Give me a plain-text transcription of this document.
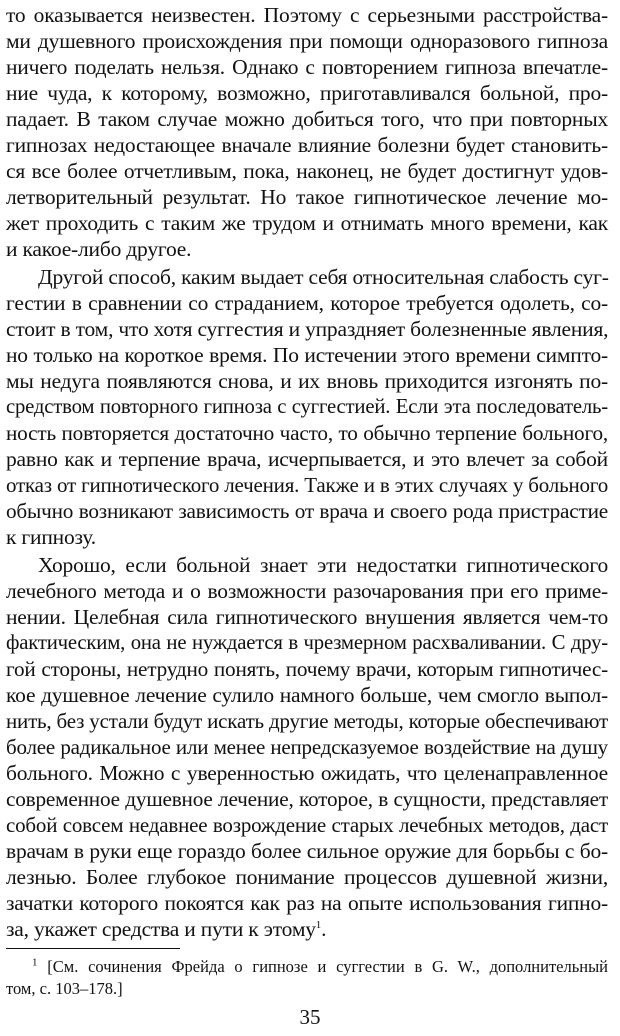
то оказывается неизвестен. Поэтому с серьезными расстройства-
ми душевного происхождения при помощи одноразового гипноза
ничего поделать нельзя. Однако с повторением гипноза впечатле-
ние чуда, к которому, возможно, приготавливался больной, про-
падает. В таком случае можно добиться того, что при повторных
гипнозах недостающее вначале влияние болезни будет становить-
ся все более отчетливым, пока, наконец, не будет достигнут удов-
летворительный результат. Но такое гипнотическое лечение мо-
жет проходить с таким же трудом и отнимать много времени, как
и какое-либо другое.
Другой способ, каким выдает себя относительная слабость суг-
гестии в сравнении со страданием, которое требуется одолеть, со-
стоит в том, что хотя суггестия и упраздняет болезненные явления,
но только на короткое время. По истечении этого времени симпто-
мы недуга появляются снова, и их вновь приходится изгонять по-
средством повторного гипноза с суггестией. Если эта последователь-
ность повторяется достаточно часто, то обычно терпение больного,
равно как и терпение врача, исчерпывается, и это влечет за собой
отказ от гипнотического лечения. Также и в этих случаях у больного
обычно возникают зависимость от врача и своего рода пристрастие
к гипнозу.
Хорошо, если больной знает эти недостатки гипнотического
лечебного метода и о возможности разочарования при его приме-
нении. Целебная сила гипнотического внушения является чем-то
фактическим, она не нуждается в чрезмерном расхваливании. С дру-
гой стороны, нетрудно понять, почему врачи, которым гипнотичес-
кое душевное лечение сулило намного больше, чем смогло выпол-
нить, без устали будут искать другие методы, которые обеспечивают
более радикальное или менее непредсказуемое воздействие на душу
больного. Можно с уверенностью ожидать, что целенаправленное
современное душевное лечение, которое, в сущности, представляет
собой совсем недавнее возрождение старых лечебных методов, даст
врачам в руки еще гораздо более сильное оружие для борьбы с бо-
лезнью. Более глубокое понимание процессов душевной жизни,
зачатки которого покоятся как раз на опыте использования гипно-
за, укажет средства и пути к этому$^1$.
$^1$ [См. сочинения Фрейда о гипнозе и суггестии в G. W., дополнительный
том, с. 103–178.]
35
